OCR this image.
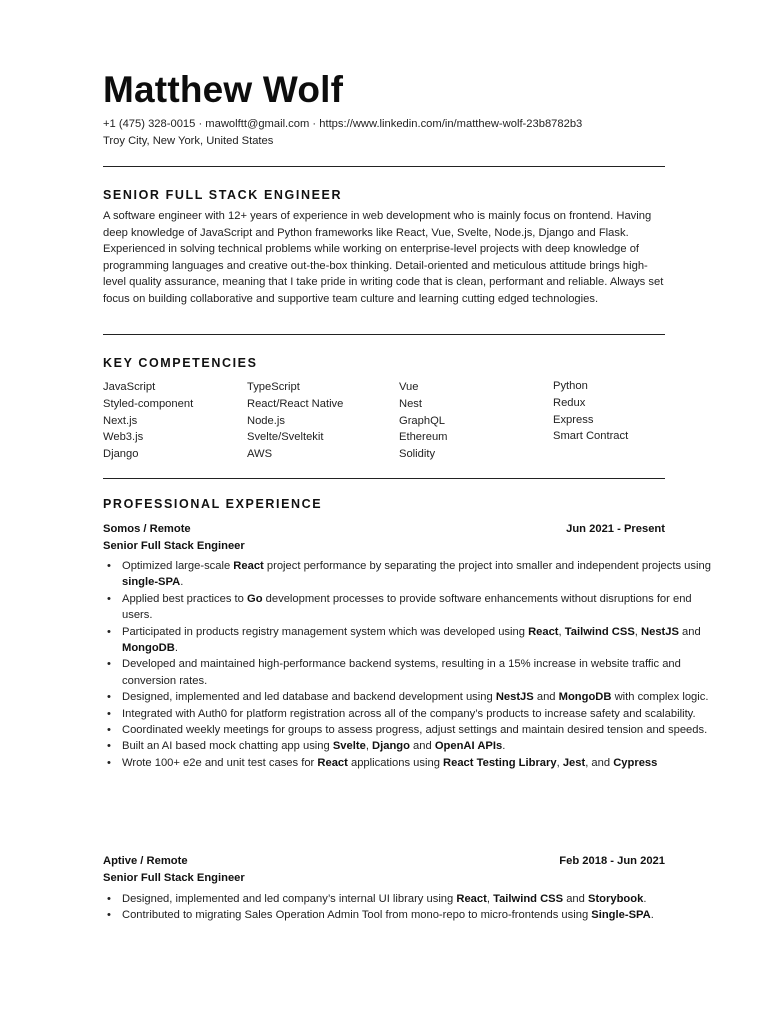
Matthew Wolf
+1 (475) 328-0015 · mawolftt@gmail.com · https://www.linkedin.com/in/matthew-wolf-23b8782b3
Troy City, New York, United States
SENIOR FULL STACK ENGINEER

A software engineer with 12+ years of experience in web development who is mainly focus on frontend. Having deep knowledge of JavaScript and Python frameworks like React, Vue, Svelte, Node.js, Django and Flask. Experienced in solving technical problems while working on enterprise-level projects with deep knowledge of programming languages and creative out-the-box thinking. Detail-oriented and meticulous attitude brings high-level quality assurance, meaning that I take pride in writing code that is clean, performant and reliable. Always set focus on building collaborative and supportive team culture and learning cutting edged technologies.

KEY COMPETENCIES
JavaScript
Styled-component
Next.js
Web3.js
Django
TypeScript
React/React Native
Node.js
Svelte/Sveltekit
AWS
Vue
Nest
GraphQL
Ethereum
Solidity
Python
Redux
Express
Smart Contract
PROFESSIONAL EXPERIENCE
Somos / Remote	Jun 2021 - Present
Senior Full Stack Engineer
• Optimized large-scale React project performance by separating the project into smaller and independent projects using single-SPA.
• Applied best practices to Go development processes to provide software enhancements without disruptions for end users.
• Participated in products registry management system which was developed using React, Tailwind CSS, NestJS and MongoDB.
• Developed and maintained high-performance backend systems, resulting in a 15% increase in website traffic and conversion rates.
• Designed, implemented and led database and backend development using NestJS and MongoDB with complex logic.
• Integrated with Auth0 for platform registration across all of the company’s products to increase safety and scalability.
• Coordinated weekly meetings for groups to assess progress, adjust settings and maintain desired tension and speeds.
• Built an AI based mock chatting app using Svelte, Django and OpenAI APIs.
• Wrote 100+ e2e and unit test cases for React applications using React Testing Library, Jest, and Cypress
Aptive / Remote	Feb 2018 - Jun 2021
Senior Full Stack Engineer
• Designed, implemented and led company’s internal UI library using React, Tailwind CSS and Storybook.
• Contributed to migrating Sales Operation Admin Tool from mono-repo to micro-frontends using Single-SPA.
